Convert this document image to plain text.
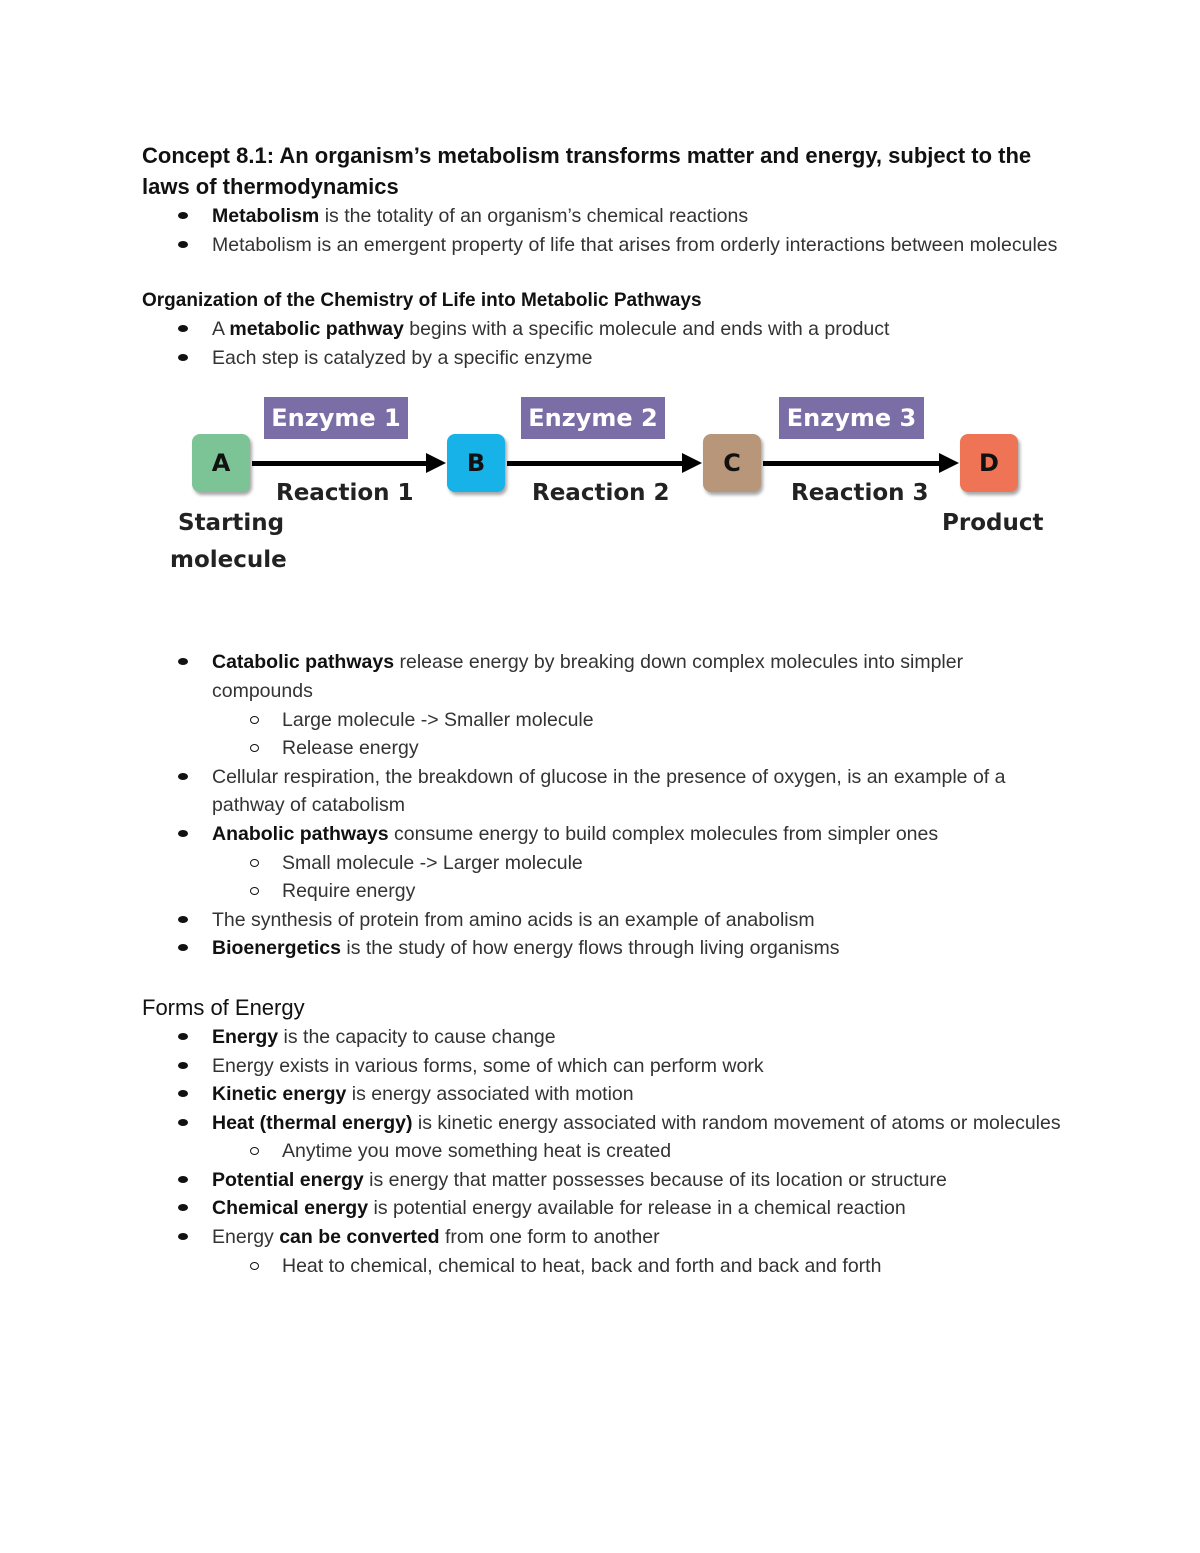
Concept 8.1: An organism’s metabolism transforms matter and energy, subject to the laws of thermodynamics

Metabolism is the totality of an organism’s chemical reactions
Metabolism is an emergent property of life that arises from orderly interactions between molecules

Organization of the Chemistry of Life into Metabolic Pathways

A metabolic pathway begins with a specific molecule and ends with a product
Each step is catalyzed by a specific enzyme
Enzyme 1	Enzyme 2	Enzyme 3
A	B	C	D
Reaction 1	Reaction 2	Reaction 3
Starting
molecule
Product
Catabolic pathways release energy by breaking down complex molecules into simpler compounds
Large molecule -> Smaller molecule
Release energy
Cellular respiration, the breakdown of glucose in the presence of oxygen, is an example of a pathway of catabolism
Anabolic pathways consume energy to build complex molecules from simpler ones
Small molecule -> Larger molecule
Require energy
The synthesis of protein from amino acids is an example of anabolism
Bioenergetics is the study of how energy flows through living organisms

Forms of Energy

Energy is the capacity to cause change
Energy exists in various forms, some of which can perform work
Kinetic energy is energy associated with motion
Heat (thermal energy) is kinetic energy associated with random movement of atoms or molecules
Anytime you move something heat is created
Potential energy is energy that matter possesses because of its location or structure
Chemical energy is potential energy available for release in a chemical reaction
Energy can be converted from one form to another
Heat to chemical, chemical to heat, back and forth and back and forth
